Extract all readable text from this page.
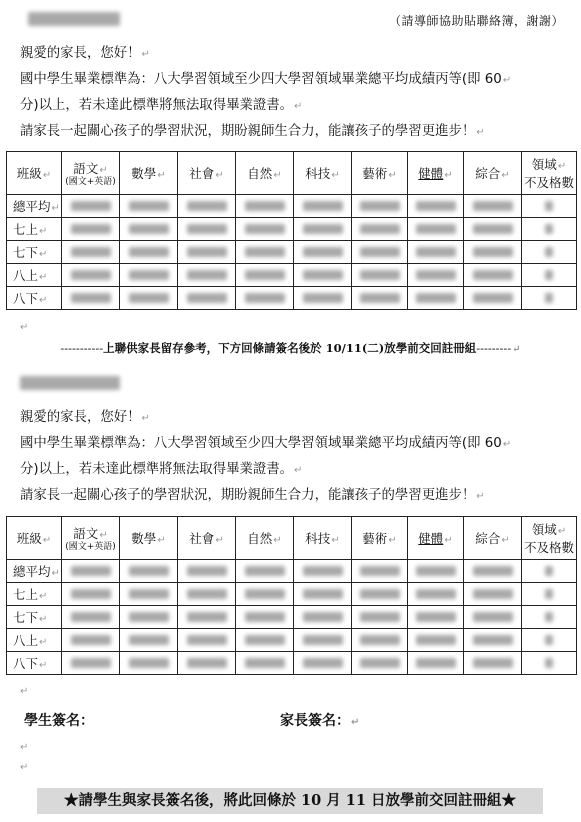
（請導師協助貼聯絡簿，謝謝）
親愛的家長，您好！↵
國中學生畢業標準為：八大學習領域至少四大學習領域畢業總平均成績丙等(即 60↵
分)以上，若未達此標準將無法取得畢業證書。↵
請家長一起關心孩子的學習狀況，期盼親師生合力，能讓孩子的學習更進步！↵
班級↵	語文↵
(國文+英語)	數學↵	社會↵	自然↵	科技↵	藝術↵	健體↵	綜合↵	領域↵
不及格數
總平均↵									
七上↵									
七下↵									
八上↵									
八下↵									
↵
-----------上聯供家長留存參考，下方回條請簽名後於 10/11(二)放學前交回註冊組---------↵
親愛的家長，您好！↵
國中學生畢業標準為：八大學習領域至少四大學習領域畢業總平均成績丙等(即 60↵
分)以上，若未達此標準將無法取得畢業證書。↵
請家長一起關心孩子的學習狀況，期盼親師生合力，能讓孩子的學習更進步！↵
班級↵	語文↵
(國文+英語)	數學↵	社會↵	自然↵	科技↵	藝術↵	健體↵	綜合↵	領域↵
不及格數
總平均↵									
七上↵									
七下↵									
八上↵									
八下↵									
↵
學生簽名：	家長簽名：↵
↵
↵
★請學生與家長簽名後，將此回條於 10 月 11 日放學前交回註冊組★
